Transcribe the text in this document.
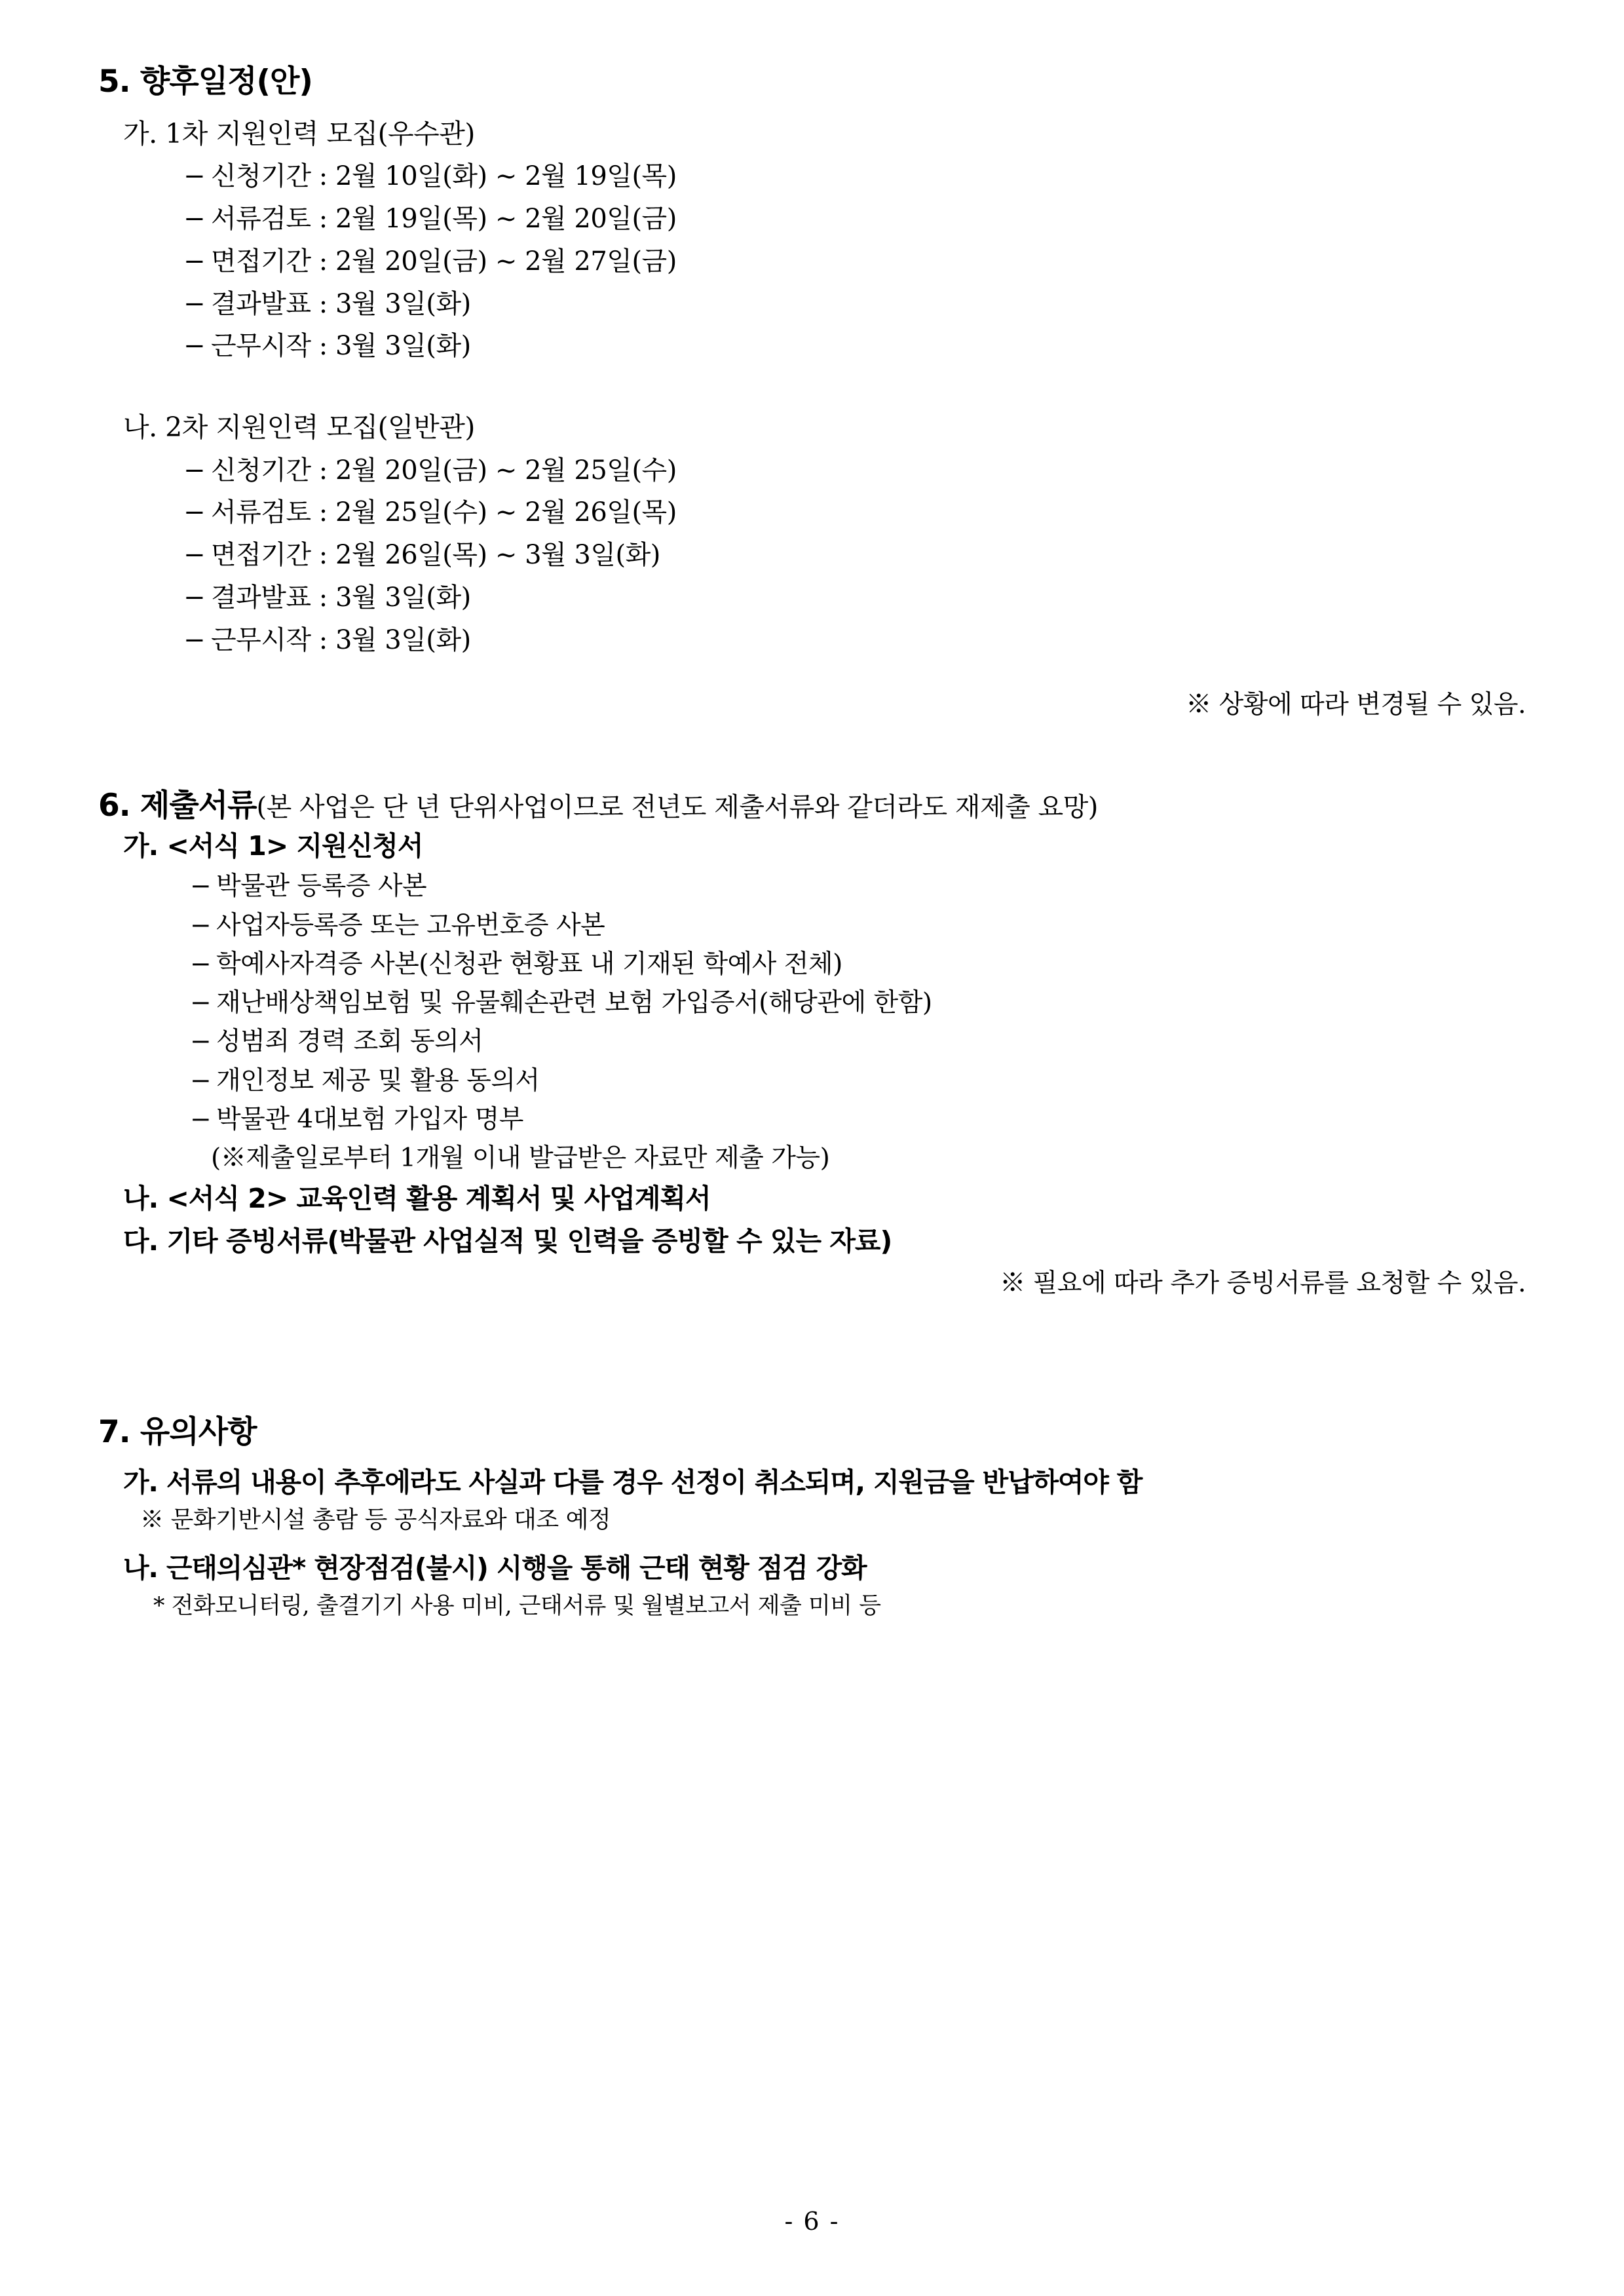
5. 향후일정(안)

가. 1차 지원인력 모집(우수관)

− 신청기간 : 2월 10일(화) ~ 2월 19일(목)

− 서류검토 : 2월 19일(목) ~ 2월 20일(금)

− 면접기간 : 2월 20일(금) ~ 2월 27일(금)

− 결과발표 : 3월 3일(화)

− 근무시작 : 3월 3일(화)

나. 2차 지원인력 모집(일반관)

− 신청기간 : 2월 20일(금) ~ 2월 25일(수)

− 서류검토 : 2월 25일(수) ~ 2월 26일(목)

− 면접기간 : 2월 26일(목) ~ 3월 3일(화)

− 결과발표 : 3월 3일(화)

− 근무시작 : 3월 3일(화)

※ 상황에 따라 변경될 수 있음.

6. 제출서류 (본 사업은 단 년 단위사업이므로 전년도 제출서류와 같더라도 재제출 요망)

가. <서식 1> 지원신청서

− 박물관 등록증 사본

− 사업자등록증 또는 고유번호증 사본

− 학예사자격증 사본(신청관 현황표 내 기재된 학예사 전체)

− 재난배상책임보험 및 유물훼손관련 보험 가입증서(해당관에 한함)

− 성범죄 경력 조회 동의서

− 개인정보 제공 및 활용 동의서

− 박물관 4대보험 가입자 명부

(※제출일로부터 1개월 이내 발급받은 자료만 제출 가능)

나. <서식 2> 교육인력 활용 계획서 및 사업계획서

다. 기타 증빙서류(박물관 사업실적 및 인력을 증빙할 수 있는 자료)

※ 필요에 따라 추가 증빙서류를 요청할 수 있음.

7. 유의사항

가. 서류의 내용이 추후에라도 사실과 다를 경우 선정이 취소되며, 지원금을 반납하여야 함

※ 문화기반시설 총람 등 공식자료와 대조 예정

나. 근태의심관* 현장점검(불시) 시행을 통해 근태 현황 점검 강화

* 전화모니터링, 출결기기 사용 미비, 근태서류 및 월별보고서 제출 미비 등

- 6 -
